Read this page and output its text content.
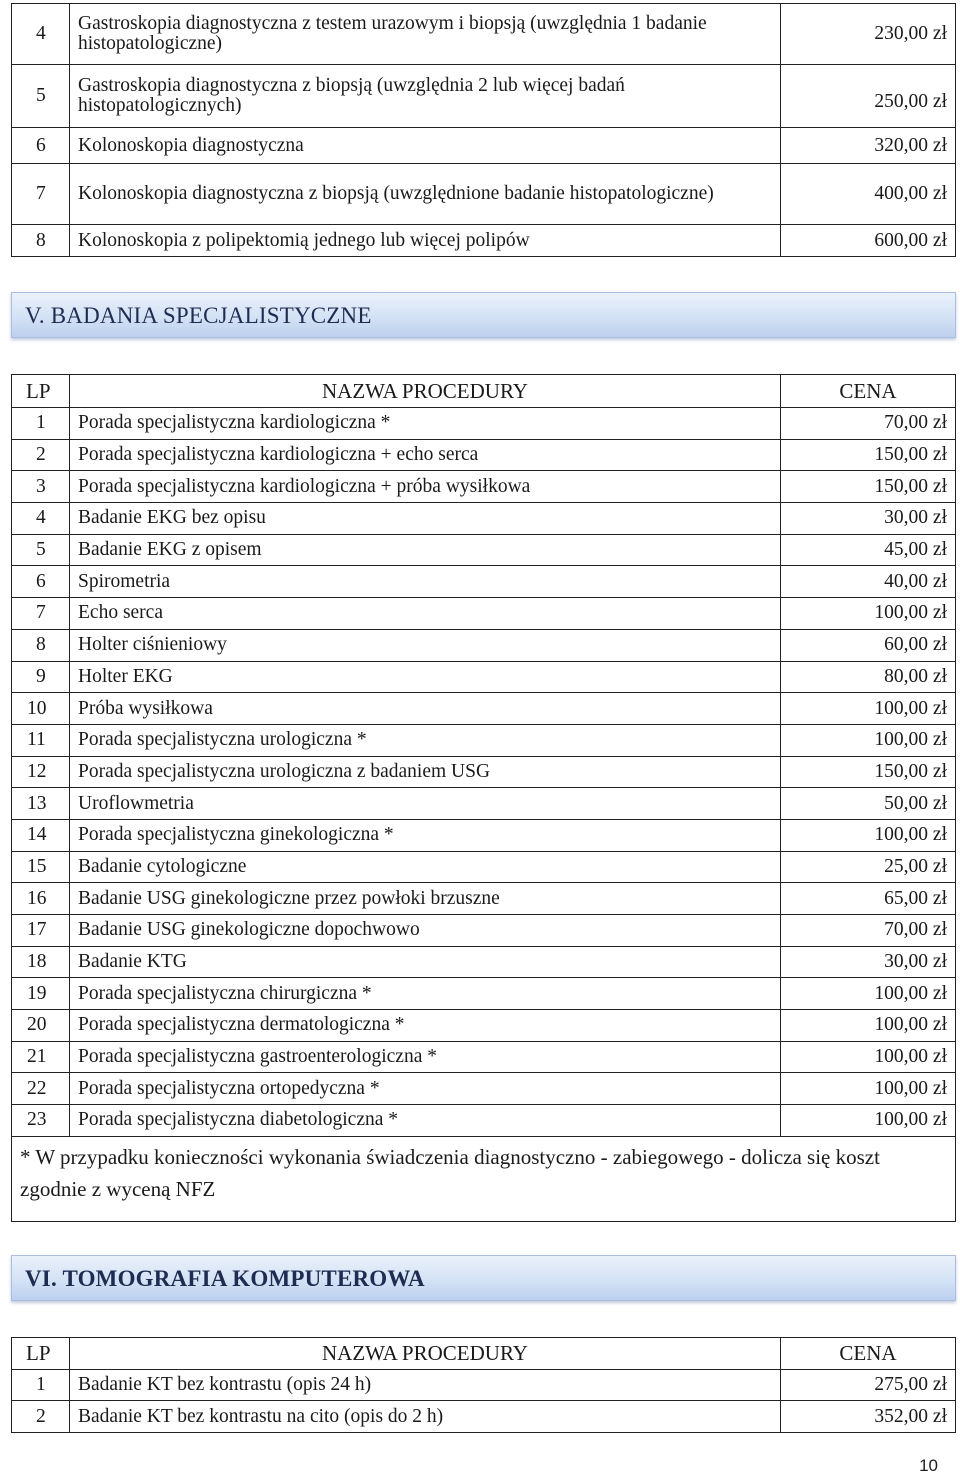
4	Gastroskopia diagnostyczna z testem urazowym i biopsją (uwzględnia 1 badanie histopatologiczne)	230,00 zł
5	Gastroskopia diagnostyczna z biopsją (uwzględnia 2 lub więcej badań histopatologicznych)	250,00 zł
6	Kolonoskopia diagnostyczna	320,00 zł
7	Kolonoskopia diagnostyczna z biopsją (uwzględnione badanie histopatologiczne)	400,00 zł
8	Kolonoskopia z polipektomią jednego lub więcej polipów	600,00 zł
V. BADANIA SPECJALISTYCZNE
LP	NAZWA PROCEDURY	CENA
1	Porada specjalistyczna kardiologiczna *	70,00 zł
2	Porada specjalistyczna kardiologiczna + echo serca	150,00 zł
3	Porada specjalistyczna kardiologiczna + próba wysiłkowa	150,00 zł
4	Badanie EKG bez opisu	30,00 zł
5	Badanie EKG z opisem	45,00 zł
6	Spirometria	40,00 zł
7	Echo serca	100,00 zł
8	Holter ciśnieniowy	60,00 zł
9	Holter EKG	80,00 zł
10	Próba wysiłkowa	100,00 zł
11	Porada specjalistyczna urologiczna *	100,00 zł
12	Porada specjalistyczna urologiczna z badaniem USG	150,00 zł
13	Uroflowmetria	50,00 zł
14	Porada specjalistyczna ginekologiczna *	100,00 zł
15	Badanie cytologiczne	25,00 zł
16	Badanie USG ginekologiczne przez powłoki brzuszne	65,00 zł
17	Badanie USG ginekologiczne dopochwowo	70,00 zł
18	Badanie KTG	30,00 zł
19	Porada specjalistyczna chirurgiczna *	100,00 zł
20	Porada specjalistyczna dermatologiczna *	100,00 zł
21	Porada specjalistyczna gastroenterologiczna *	100,00 zł
22	Porada specjalistyczna ortopedyczna *	100,00 zł
23	Porada specjalistyczna diabetologiczna *	100,00 zł
* W przypadku konieczności wykonania świadczenia diagnostyczno - zabiegowego - dolicza się koszt zgodnie z wyceną NFZ		
VI. TOMOGRAFIA KOMPUTEROWA
LP	NAZWA PROCEDURY	CENA
1	Badanie KT bez kontrastu (opis 24 h)	275,00 zł
2	Badanie KT bez kontrastu na cito (opis do 2 h)	352,00 zł
10
